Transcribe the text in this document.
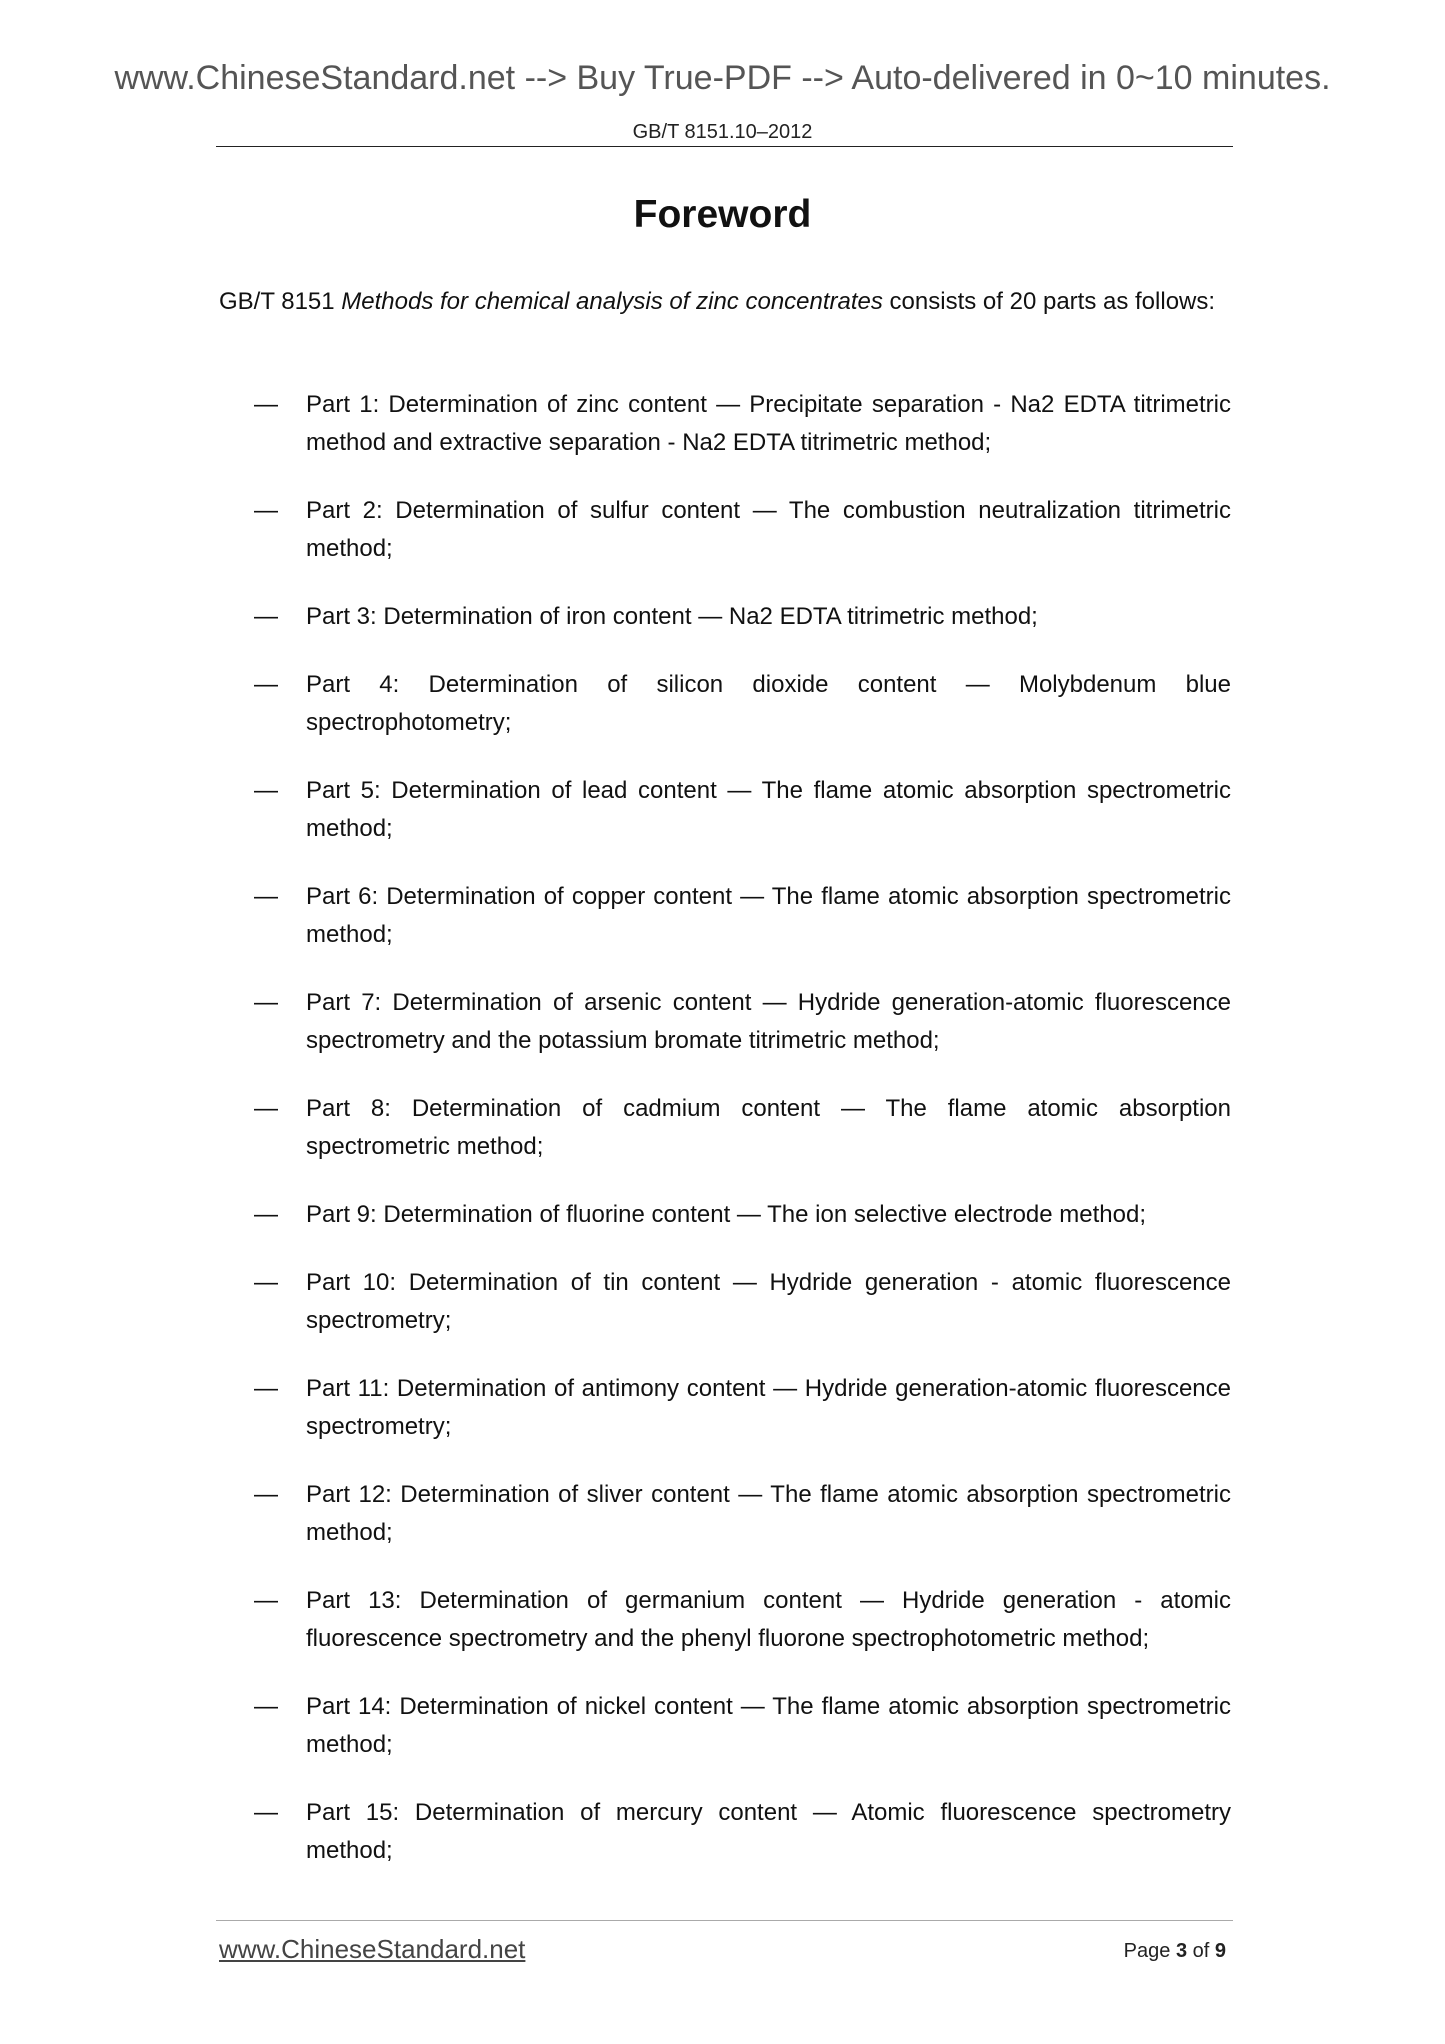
www.ChineseStandard.net --> Buy True-PDF --> Auto-delivered in 0~10 minutes.
GB/T 8151.10–2012
Foreword
GB/T 8151 Methods for chemical analysis of zinc concentrates consists of 20 parts as follows:
— Part 1: Determination of zinc content — Precipitate separation - Na2 EDTA titrimetric method and extractive separation - Na2 EDTA titrimetric method;
— Part 2: Determination of sulfur content — The combustion neutralization titrimetric method;
— Part 3: Determination of iron content — Na2 EDTA titrimetric method;
— Part 4: Determination of silicon dioxide content — Molybdenum blue spectrophotometry;
— Part 5: Determination of lead content — The flame atomic absorption spectrometric method;
— Part 6: Determination of copper content — The flame atomic absorption spectrometric method;
— Part 7: Determination of arsenic content — Hydride generation-atomic fluorescence spectrometry and the potassium bromate titrimetric method;
— Part 8: Determination of cadmium content — The flame atomic absorption spectrometric method;
— Part 9: Determination of fluorine content — The ion selective electrode method;
— Part 10: Determination of tin content — Hydride generation - atomic fluorescence spectrometry;
— Part 11: Determination of antimony content — Hydride generation-atomic fluorescence spectrometry;
— Part 12: Determination of sliver content — The flame atomic absorption spectrometric method;
— Part 13: Determination of germanium content — Hydride generation - atomic fluorescence spectrometry and the phenyl fluorone spectrophotometric method;
— Part 14: Determination of nickel content — The flame atomic absorption spectrometric method;
— Part 15: Determination of mercury content — Atomic fluorescence spectrometry method;
www.ChineseStandard.net	Page 3 of 9
